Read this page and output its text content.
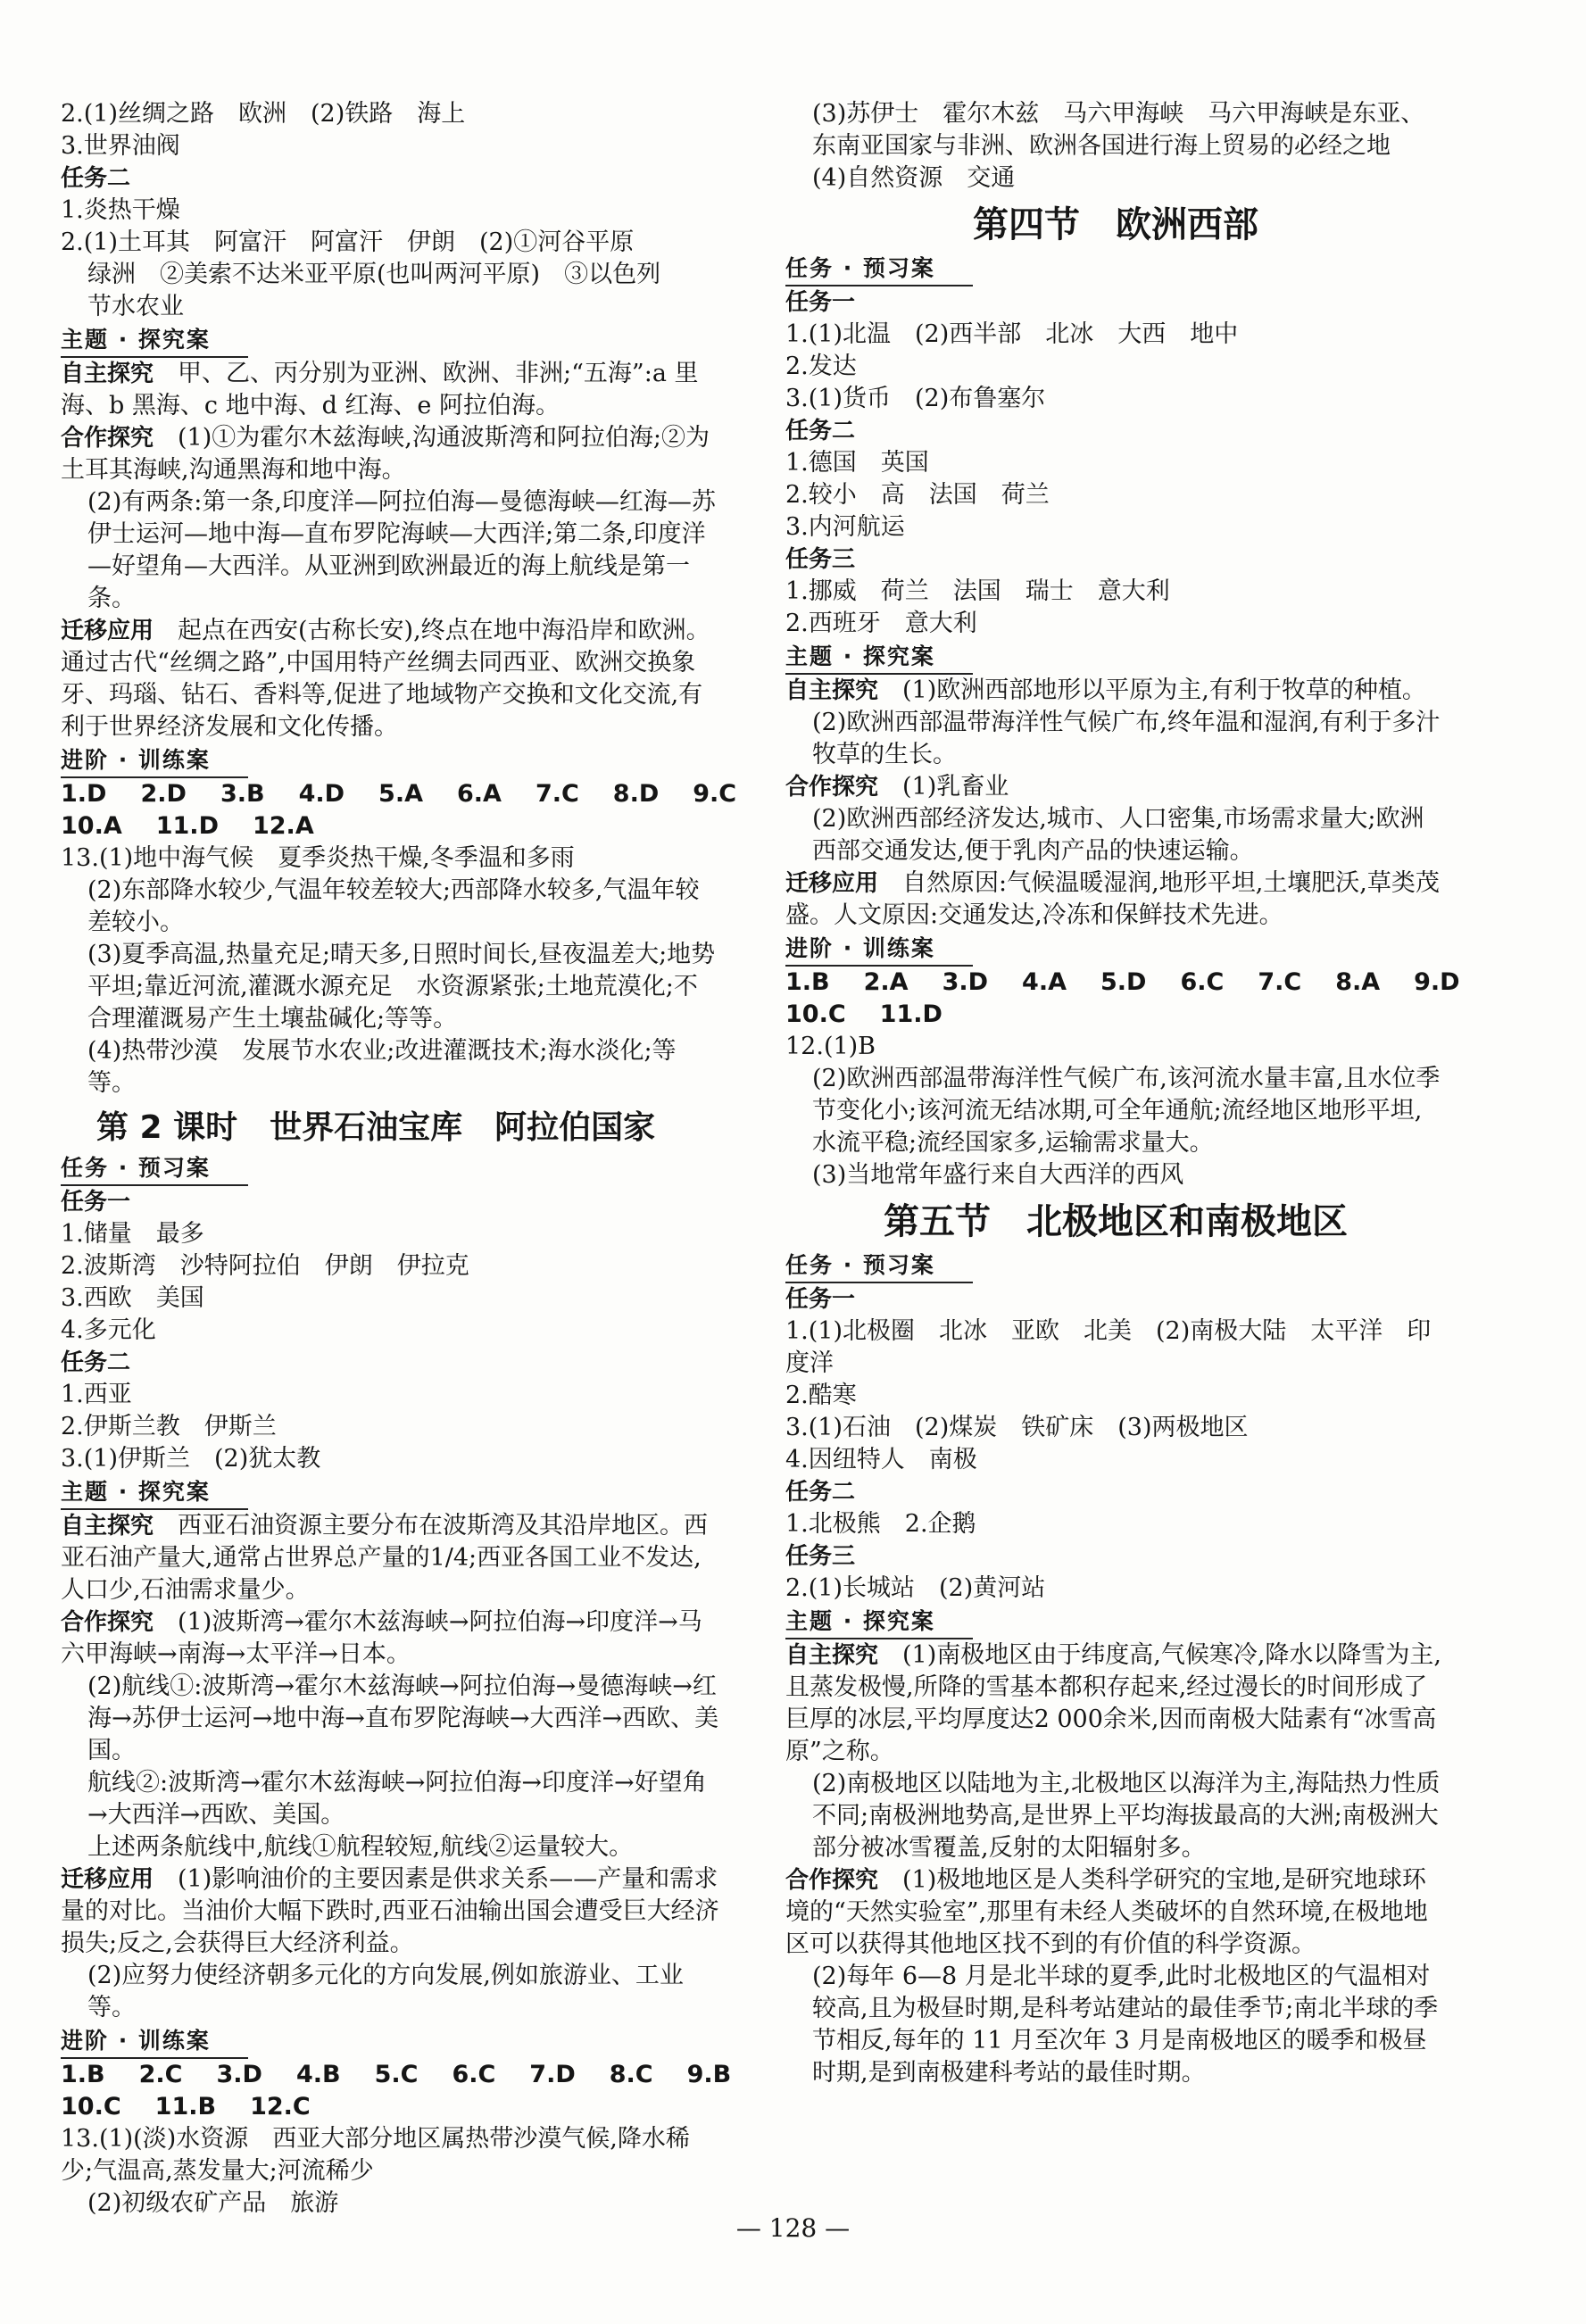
2.(1)丝绸之路　欧洲　(2)铁路　海上

3.世界油阀

任务二

1.炎热干燥

2.(1)土耳其　阿富汗　阿富汗　伊朗　(2)①河谷平原

绿洲　②美索不达米亚平原(也叫两河平原)　③以色列

节水农业

主题 · 探究案

自主探究　 甲、乙、丙分别为亚洲、欧洲、非洲;“五海”:a 里海、b 黑海、c 地中海、d 红海、e 阿拉伯海。

合作探究　 (1)①为霍尔木兹海峡,沟通波斯湾和阿拉伯海;②为土耳其海峡,沟通黑海和地中海。

(2)有两条:第一条,印度洋—阿拉伯海—曼德海峡—红海—苏伊士运河—地中海—直布罗陀海峡—大西洋;第二条,印度洋—好望角—大西洋。从亚洲到欧洲最近的海上航线是第一条。

迁移应用　 起点在西安(古称长安),终点在地中海沿岸和欧洲。通过古代“丝绸之路”,中国用特产丝绸去同西亚、欧洲交换象牙、玛瑙、钻石、香料等,促进了地域物产交换和文化交流,有利于世界经济发展和文化传播。

进阶 · 训练案

1.D 2.D 3.B 4.D 5.A 6.A 7.C 8.D 9.C

10.A 11.D 12.A

13.(1)地中海气候　夏季炎热干燥,冬季温和多雨

(2)东部降水较少,气温年较差较大;西部降水较多,气温年较差较小。

(3)夏季高温,热量充足;晴天多,日照时间长,昼夜温差大;地势平坦;靠近河流,灌溉水源充足　水资源紧张;土地荒漠化;不合理灌溉易产生土壤盐碱化;等等。

(4)热带沙漠　发展节水农业;改进灌溉技术;海水淡化;等等。

第 2 课时　世界石油宝库　阿拉伯国家
任务 · 预习案

任务一

1.储量　最多

2.波斯湾　沙特阿拉伯　伊朗　伊拉克

3.西欧　美国

4.多元化

任务二

1.西亚

2.伊斯兰教　伊斯兰

3.(1)伊斯兰　(2)犹太教

主题 · 探究案

自主探究　 西亚石油资源主要分布在波斯湾及其沿岸地区。西亚石油产量大,通常占世界总产量的1/4;西亚各国工业不发达,人口少,石油需求量少。

合作探究　 (1)波斯湾→霍尔木兹海峡→阿拉伯海→印度洋→马六甲海峡→南海→太平洋→日本。

(2)航线①:波斯湾→霍尔木兹海峡→阿拉伯海→曼德海峡→红海→苏伊士运河→地中海→直布罗陀海峡→大西洋→西欧、美国。

航线②:波斯湾→霍尔木兹海峡→阿拉伯海→印度洋→好望角→大西洋→西欧、美国。

上述两条航线中,航线①航程较短,航线②运量较大。

迁移应用　 (1)影响油价的主要因素是供求关系——产量和需求量的对比。当油价大幅下跌时,西亚石油输出国会遭受巨大经济损失;反之,会获得巨大经济利益。

(2)应努力使经济朝多元化的方向发展,例如旅游业、工业等。

进阶 · 训练案

1.B 2.C 3.D 4.B 5.C 6.C 7.D 8.C 9.B

10.C 11.B 12.C

13.(1)(淡)水资源　西亚大部分地区属热带沙漠气候,降水稀少;气温高,蒸发量大;河流稀少

(2)初级农矿产品　旅游

(3)苏伊士　霍尔木兹　马六甲海峡　马六甲海峡是东亚、东南亚国家与非洲、欧洲各国进行海上贸易的必经之地

(4)自然资源　交通

第四节　欧洲西部
任务 · 预习案

任务一

1.(1)北温　(2)西半部　北冰　大西　地中

2.发达

3.(1)货币　(2)布鲁塞尔

任务二

1.德国　英国

2.较小　高　法国　荷兰

3.内河航运

任务三

1.挪威　荷兰　法国　瑞士　意大利

2.西班牙　意大利

主题 · 探究案

自主探究　 (1)欧洲西部地形以平原为主,有利于牧草的种植。

(2)欧洲西部温带海洋性气候广布,终年温和湿润,有利于多汁牧草的生长。

合作探究　 (1)乳畜业

(2)欧洲西部经济发达,城市、人口密集,市场需求量大;欧洲西部交通发达,便于乳肉产品的快速运输。

迁移应用　 自然原因:气候温暖湿润,地形平坦,土壤肥沃,草类茂盛。人文原因:交通发达,冷冻和保鲜技术先进。

进阶 · 训练案

1.B 2.A 3.D 4.A 5.D 6.C 7.C 8.A 9.D

10.C 11.D

12.(1)B

(2)欧洲西部温带海洋性气候广布,该河流水量丰富,且水位季节变化小;该河流无结冰期,可全年通航;流经地区地形平坦,水流平稳;流经国家多,运输需求量大。

(3)当地常年盛行来自大西洋的西风

第五节　北极地区和南极地区
任务 · 预习案

任务一

1.(1)北极圈　北冰　亚欧　北美　(2)南极大陆　太平洋　印度洋

2.酷寒

3.(1)石油　(2)煤炭　铁矿床　(3)两极地区

4.因纽特人　南极

任务二

1.北极熊　2.企鹅

任务三

2.(1)长城站　(2)黄河站

主题 · 探究案

自主探究　 (1)南极地区由于纬度高,气候寒冷,降水以降雪为主,且蒸发极慢,所降的雪基本都积存起来,经过漫长的时间形成了巨厚的冰层,平均厚度达2 000余米,因而南极大陆素有“冰雪高原”之称。

(2)南极地区以陆地为主,北极地区以海洋为主,海陆热力性质不同;南极洲地势高,是世界上平均海拔最高的大洲;南极洲大部分被冰雪覆盖,反射的太阳辐射多。

合作探究　 (1)极地地区是人类科学研究的宝地,是研究地球环境的“天然实验室”,那里有未经人类破坏的自然环境,在极地地区可以获得其他地区找不到的有价值的科学资源。

(2)每年 6—8 月是北半球的夏季,此时北极地区的气温相对较高,且为极昼时期,是科考站建站的最佳季节;南北半球的季节相反,每年的 11 月至次年 3 月是南极地区的暖季和极昼时期,是到南极建科考站的最佳时期。

— 128 —
